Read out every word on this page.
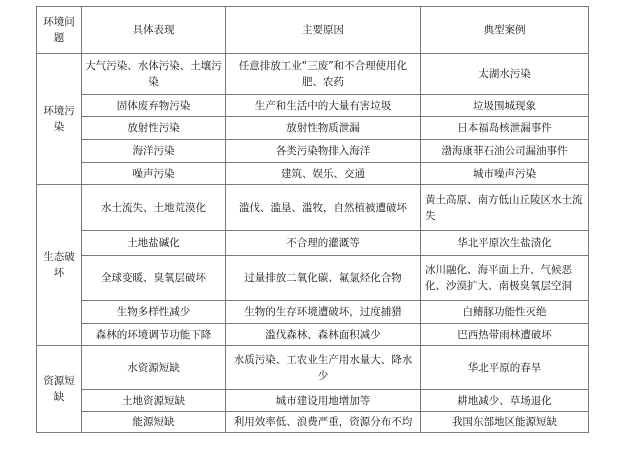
环境问题	具体表现	主要原因	典型案例
环境污染	大气污染、水体污染、土壤污染	任意排放工业“三废”和不合理使用化肥、农药	太湖水污染
	固体废弃物污染	生产和生活中的大量有害垃圾	垃圾围城现象
	放射性污染	放射性物质泄漏	日本福岛核泄漏事件
	海洋污染	各类污染物排入海洋	渤海康菲石油公司漏油事件
	噪声污染	建筑、娱乐、交通	城市噪声污染
生态破坏	水土流失、土地荒漠化	滥伐、滥垦、滥牧，自然植被遭破坏	黄土高原、南方低山丘陵区水土流失
	土地盐碱化	不合理的灌溉等	华北平原次生盐渍化
	全球变暖、臭氧层破坏	过量排放二氧化碳、氟氯烃化合物	冰川融化、海平面上升、气候恶化、沙漠扩大、南极臭氧层空洞
	生物多样性减少	生物的生存环境遭破坏，过度捕猎	白鳍豚功能性灭绝
	森林的环境调节功能下降	滥伐森林、森林面积减少	巴西热带雨林遭破坏
资源短缺	水资源短缺	水质污染、工农业生产用水量大、降水少	华北平原的春旱
	土地资源短缺	城市建设用地增加等	耕地减少、草场退化
	能源短缺	利用效率低、浪费严重，资源分布不均	我国东部地区能源短缺
